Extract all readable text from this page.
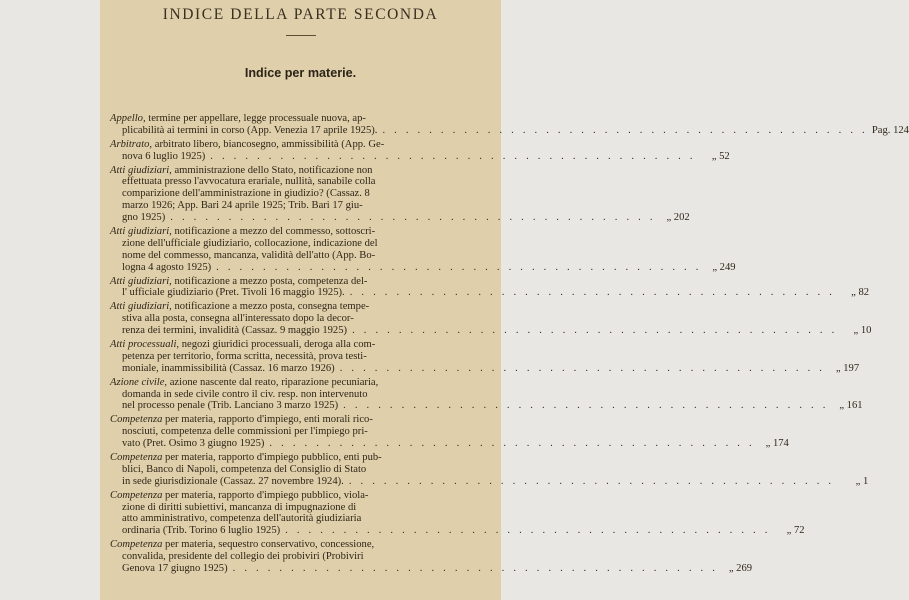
INDICE DELLA PARTE SECONDA
Indice per materie.
Appello, termine per appellare, legge processuale nuova, ap-
plicabilità ai termini in corso (App. Venezia 17 aprile 1925). . . . . . . . . . . . . . . . . . . . . . . . . . . . . . . . . . . . . . . . . . . Pag. 124
Arbitrato, arbitrato libero, biancosegno, ammissibilità (App. Ge-
nova 6 luglio 1925) . . . . . . . . . . . . . . . . . . . . . . . . . . . . . . . . . . . . . . . . . .	„ 52
Atti giudiziari, amministrazione dello Stato, notificazione non
effettuata presso l'avvocatura erariale, nullità, sanabile colla
comparizione dell'amministrazione in giudizio? (Cassaz. 8
marzo 1926; App. Bari 24 aprile 1925; Trib. Bari 17 giu-
gno 1925) . . . . . . . . . . . . . . . . . . . . . . . . . . . . . . . . . . . . . . . . . .	„ 202
Atti giudiziari, notificazione a mezzo del commesso, sottoscri-
zione dell'ufficiale giudiziario, collocazione, indicazione del
nome del commesso, mancanza, validità dell'atto (App. Bo-
logna 4 agosto 1925) . . . . . . . . . . . . . . . . . . . . . . . . . . . . . . . . . . . . . . . . . .	„ 249
Atti giudiziari, notificazione a mezzo posta, competenza del-
l' ufficiale giudiziario (Pret. Tivoli 16 maggio 1925). . . . . . . . . . . . . . . . . . . . . . . . . . . . . . . . . . . . . . . . . . .	„ 82
Atti giudiziari, notificazione a mezzo posta, consegna tempe-
stiva alla posta, consegna all'interessato dopo la decor-
renza dei termini, invalidità (Cassaz. 9 maggio 1925) . . . . . . . . . . . . . . . . . . . . . . . . . . . . . . . . . . . . . . . . . .	„ 10
Atti processuali, negozi giuridici processuali, deroga alla com-
petenza per territorio, forma scritta, necessità, prova testi-
moniale, inammissibilità (Cassaz. 16 marzo 1926) . . . . . . . . . . . . . . . . . . . . . . . . . . . . . . . . . . . . . . . . . .	„ 197
Azione civile, azione nascente dal reato, riparazione pecuniaria,
domanda in sede civile contro il civ. resp. non intervenuto
nel processo penale (Trib. Lanciano 3 marzo 1925) . . . . . . . . . . . . . . . . . . . . . . . . . . . . . . . . . . . . . . . . . .	„ 161
Competenza per materia, rapporto d'impiego, enti morali rico-
nosciuti, competenza delle commissioni per l'impiego pri-
vato (Pret. Osimo 3 giugno 1925) . . . . . . . . . . . . . . . . . . . . . . . . . . . . . . . . . . . . . . . . . .	„ 174
Competenza per materia, rapporto d'impiego pubblico, enti pub-
blici, Banco di Napoli, competenza del Consiglio di Stato
in sede giurisdizionale (Cassaz. 27 novembre 1924). . . . . . . . . . . . . . . . . . . . . . . . . . . . . . . . . . . . . . . . . . .	„ 1
Competenza per materia, rapporto d'impiego pubblico, viola-
zione di diritti subiettivi, mancanza di impugnazione di
atto amministrativo, competenza dell'autorità giudiziaria
ordinaria (Trib. Torino 6 luglio 1925) . . . . . . . . . . . . . . . . . . . . . . . . . . . . . . . . . . . . . . . . . .	„ 72
Competenza per materia, sequestro conservativo, concessione,
convalida, presidente del collegio dei probiviri (Probiviri
Genova 17 giugno 1925) . . . . . . . . . . . . . . . . . . . . . . . . . . . . . . . . . . . . . . . . . .	„ 269
